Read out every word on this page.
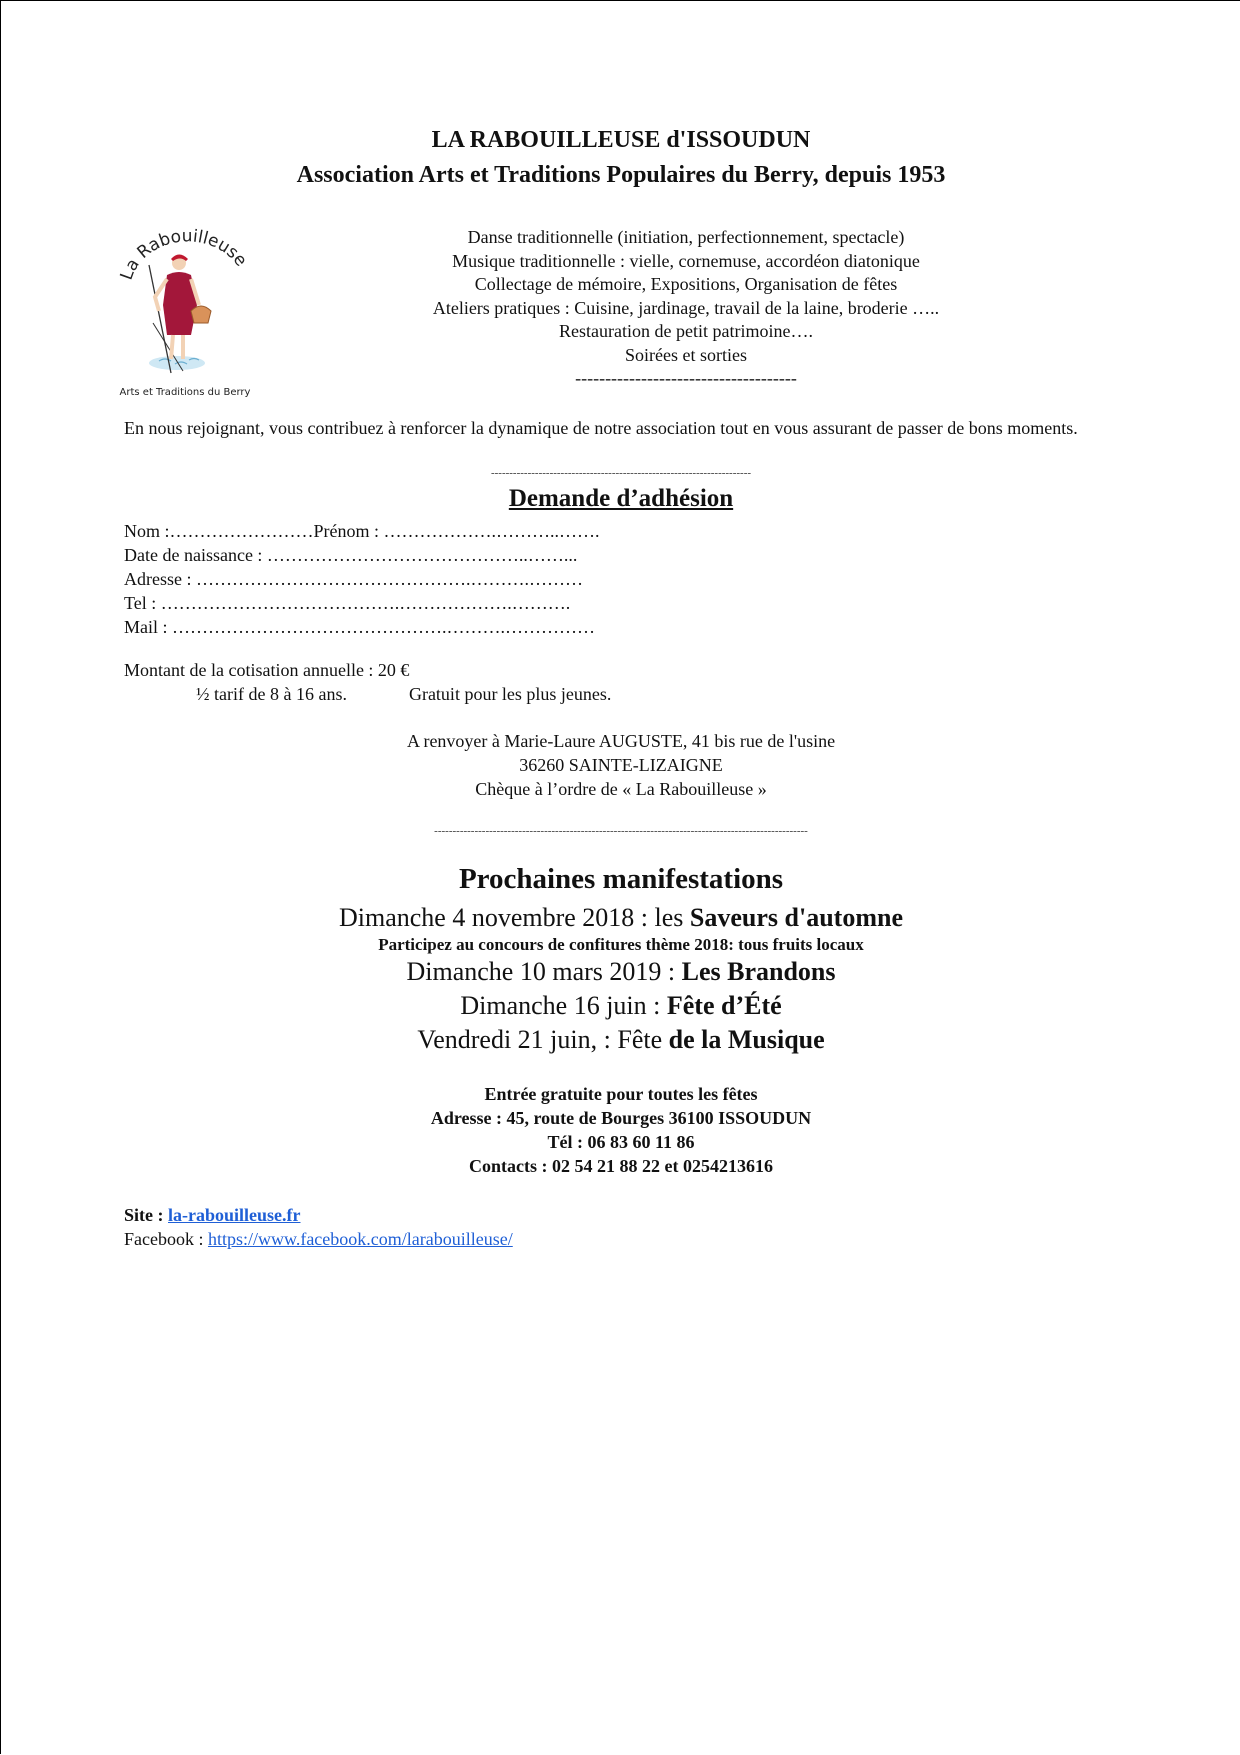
LA RABOUILLEUSE d'ISSOUDUN
Association Arts et Traditions Populaires du Berry, depuis 1953
a Rabouilleuse
Arts et Traditions du Berry
Danse traditionnelle (initiation, perfectionnement, spectacle)
Musique traditionnelle : vielle, cornemuse, accordéon diatonique
Collectage de mémoire, Expositions, Organisation de fêtes
Ateliers pratiques : Cuisine, jardinage, travail de la laine, broderie …..
Restauration de petit patrimoine….
Soirées et sorties
-------------------------------------
En nous rejoignant, vous contribuez à renforcer la dynamique de notre association tout en vous assurant de passer de bons moments.
-----------------------------------------------------------------------
Demande d’adhésion
Nom :……………………Prénom : ……………….………..…….
Date de naissance : ……………………………………..……...
Adresse : ……………………………………….……….………
Tel : ………………………………….……………….……….
Mail : ……………………………………….……….……………
Montant de la cotisation annuelle : 20 €
½ tarif de 8 à 16 ans.	Gratuit pour les plus jeunes.
A renvoyer à Marie-Laure AUGUSTE, 41 bis rue de l'usine
36260 SAINTE-LIZAIGNE
Chèque à l’ordre de « La Rabouilleuse »
------------------------------------------------------------------------------------------------------
Prochaines manifestations
Dimanche 4 novembre 2018 : les Saveurs d'automne
Participez au concours de confitures thème 2018: tous fruits locaux
Dimanche 10 mars 2019 : Les Brandons
Dimanche 16 juin : Fête d’Été
Vendredi 21 juin, : Fête de la Musique
Entrée gratuite pour toutes les fêtes
Adresse : 45, route de Bourges 36100 ISSOUDUN
Tél : 06 83 60 11 86
Contacts : 02 54 21 88 22 et 0254213616
Site : la-rabouilleuse.fr
Facebook : https://www.facebook.com/larabouilleuse/
